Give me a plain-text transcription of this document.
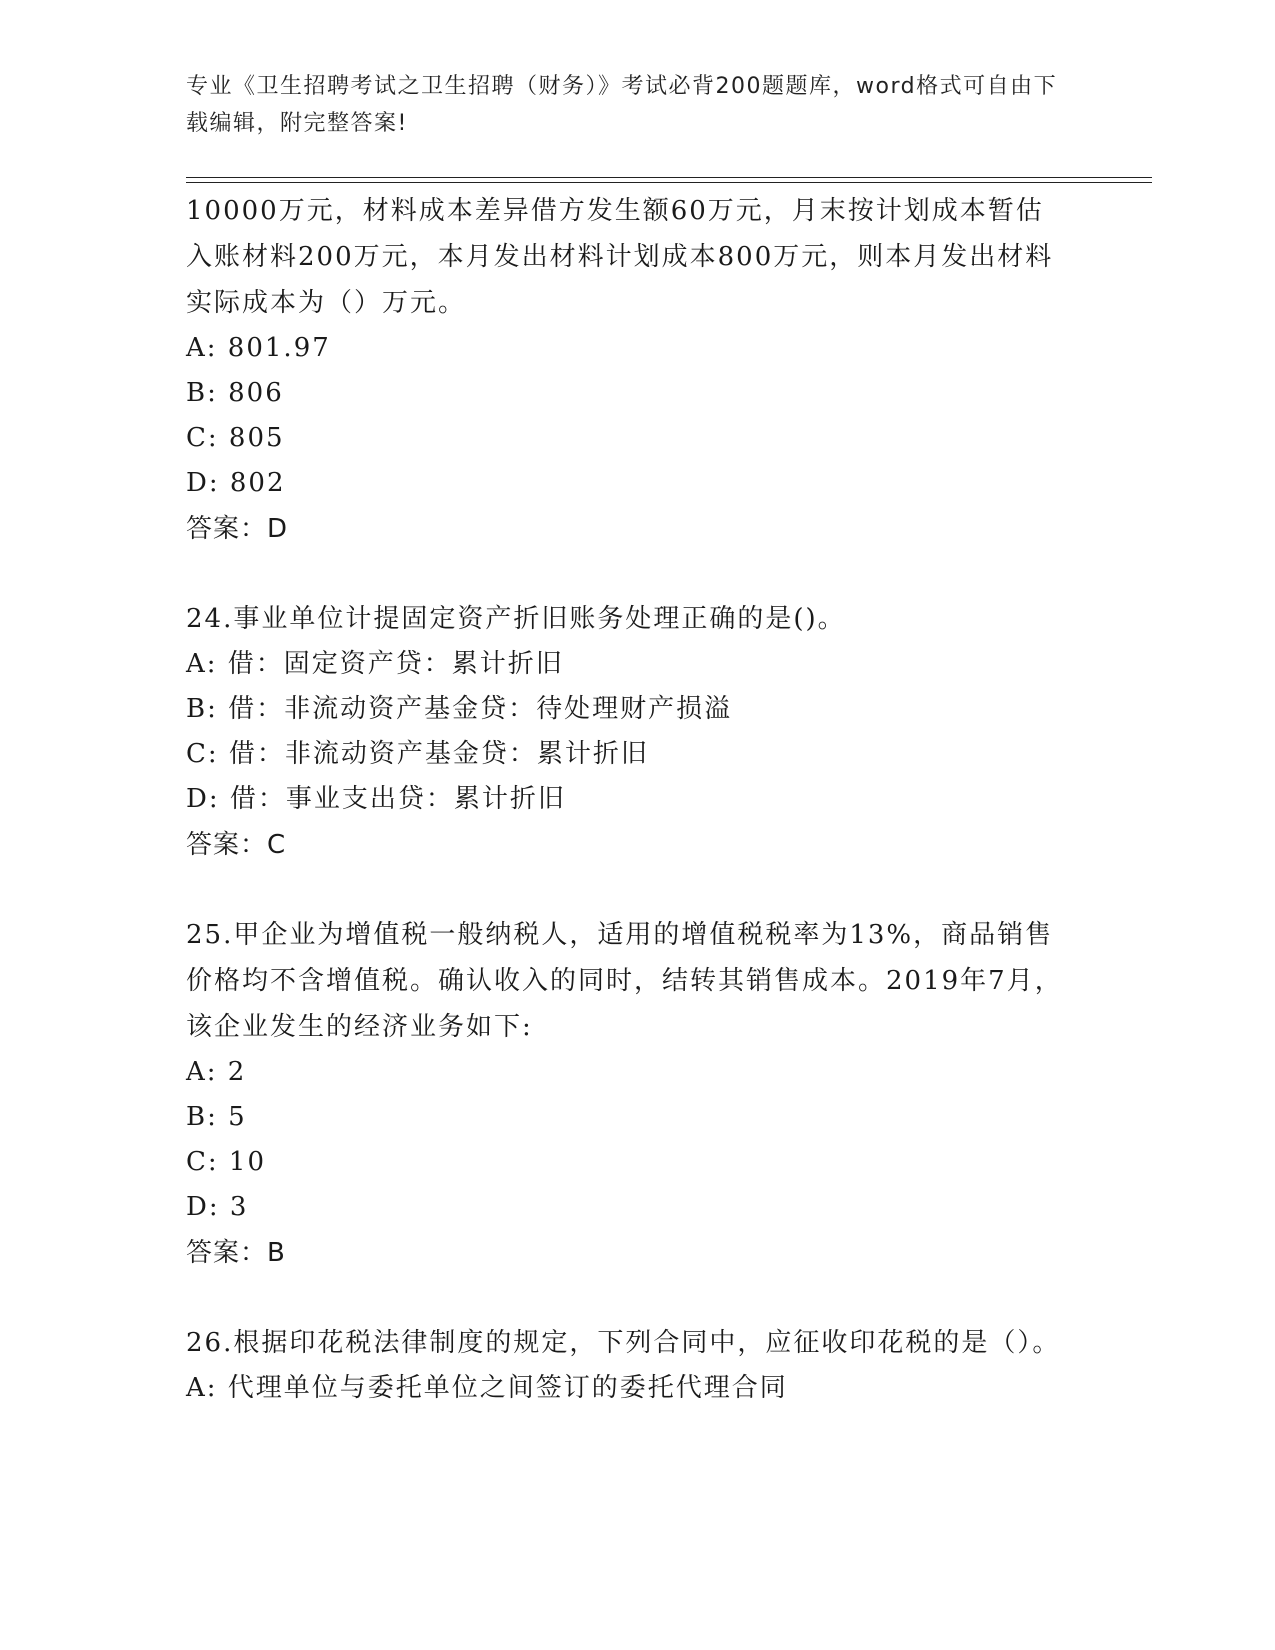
专业《卫生招聘考试之卫生招聘（财务）》考试必背200题题库，word格式可自由下载编辑，附完整答案!

10000万元，材料成本差异借方发生额60万元，月末按计划成本暂估入账材料200万元，本月发出材料计划成本800万元，则本月发出材料实际成本为（）万元。

A: 801.97

B: 806

C: 805

D: 802

答案：D

24.事业单位计提固定资产折旧账务处理正确的是()。

A: 借：固定资产贷：累计折旧

B: 借：非流动资产基金贷：待处理财产损溢

C: 借：非流动资产基金贷：累计折旧

D: 借：事业支出贷：累计折旧

答案：C

25.甲企业为增值税一般纳税人，适用的增值税税率为13%，商品销售价格均不含增值税。确认收入的同时，结转其销售成本。2019年7月，该企业发生的经济业务如下:

A: 2

B: 5

C: 10

D: 3

答案：B

26.根据印花税法律制度的规定，下列合同中，应征收印花税的是（）。

A: 代理单位与委托单位之间签订的委托代理合同
